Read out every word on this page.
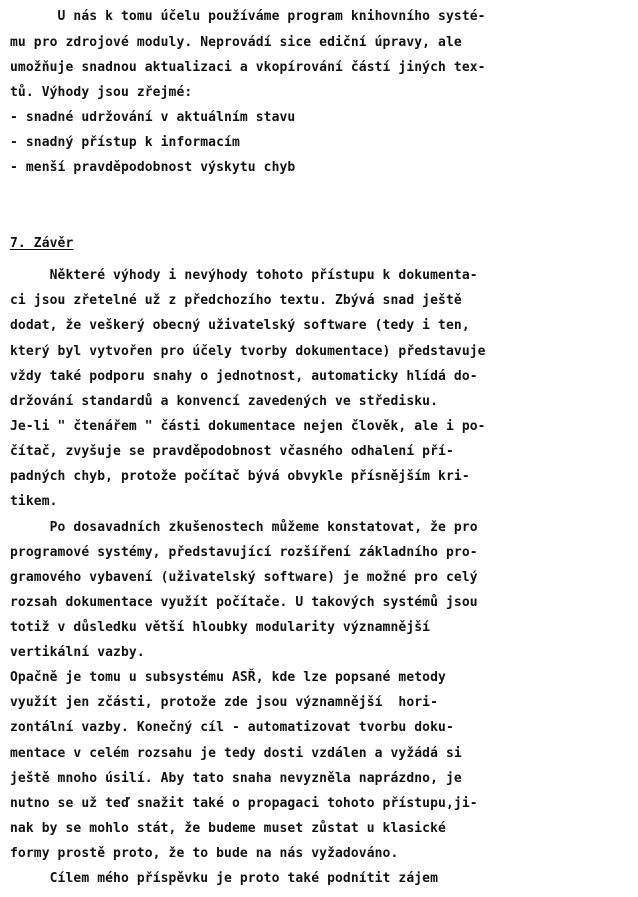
U nás k tomu účelu používáme program knihovního systé-
mu pro zdrojové moduly. Neprovádí sice ediční úpravy, ale
umožňuje snadnou aktualizaci a vkopírování částí jiných tex-
tů. Výhody jsou zřejmé:
- snadné udržování v aktuálním stavu
- snadný přístup k informacím
- menší pravděpodobnost výskytu chyb
7. Závěr
Některé výhody i nevýhody tohoto přístupu k dokumenta-
ci jsou zřetelné už z předchozího textu. Zbývá snad ještě
dodat, že veškerý obecný uživatelský software (tedy i ten,
který byl vytvořen pro účely tvorby dokumentace) představuje
vždy také podporu snahy o jednotnost, automaticky hlídá do-
držování standardů a konvencí zavedených ve středisku.
Je-li " čtenářem " části dokumentace nejen člověk, ale i po-
čítač, zvyšuje se pravděpodobnost včasného odhalení pří-
padných chyb, protože počítač bývá obvykle přísnějším kri-
tikem.
Po dosavadních zkušenostech můžeme konstatovat, že pro
programové systémy, představující rozšíření základního pro-
gramového vybavení (uživatelský software) je možné pro celý
rozsah dokumentace využít počítače. U takových systémů jsou
totiž v důsledku větší hloubky modularity významnější
vertikální vazby.
Opačně je tomu u subsystému ASŘ, kde lze popsané metody
využít jen zčásti, protože zde jsou významnější  hori-
zontální vazby. Konečný cíl - automatizovat tvorbu doku-
mentace v celém rozsahu je tedy dosti vzdálen a vyžádá si
ještě mnoho úsilí. Aby tato snaha nevyzněla naprázdno, je
nutno se už teď snažit také o propagaci tohoto přístupu,ji-
nak by se mohlo stát, že budeme muset zůstat u klasické
formy prostě proto, že to bude na nás vyžadováno.
Cílem mého příspěvku je proto také podnítit zájem
